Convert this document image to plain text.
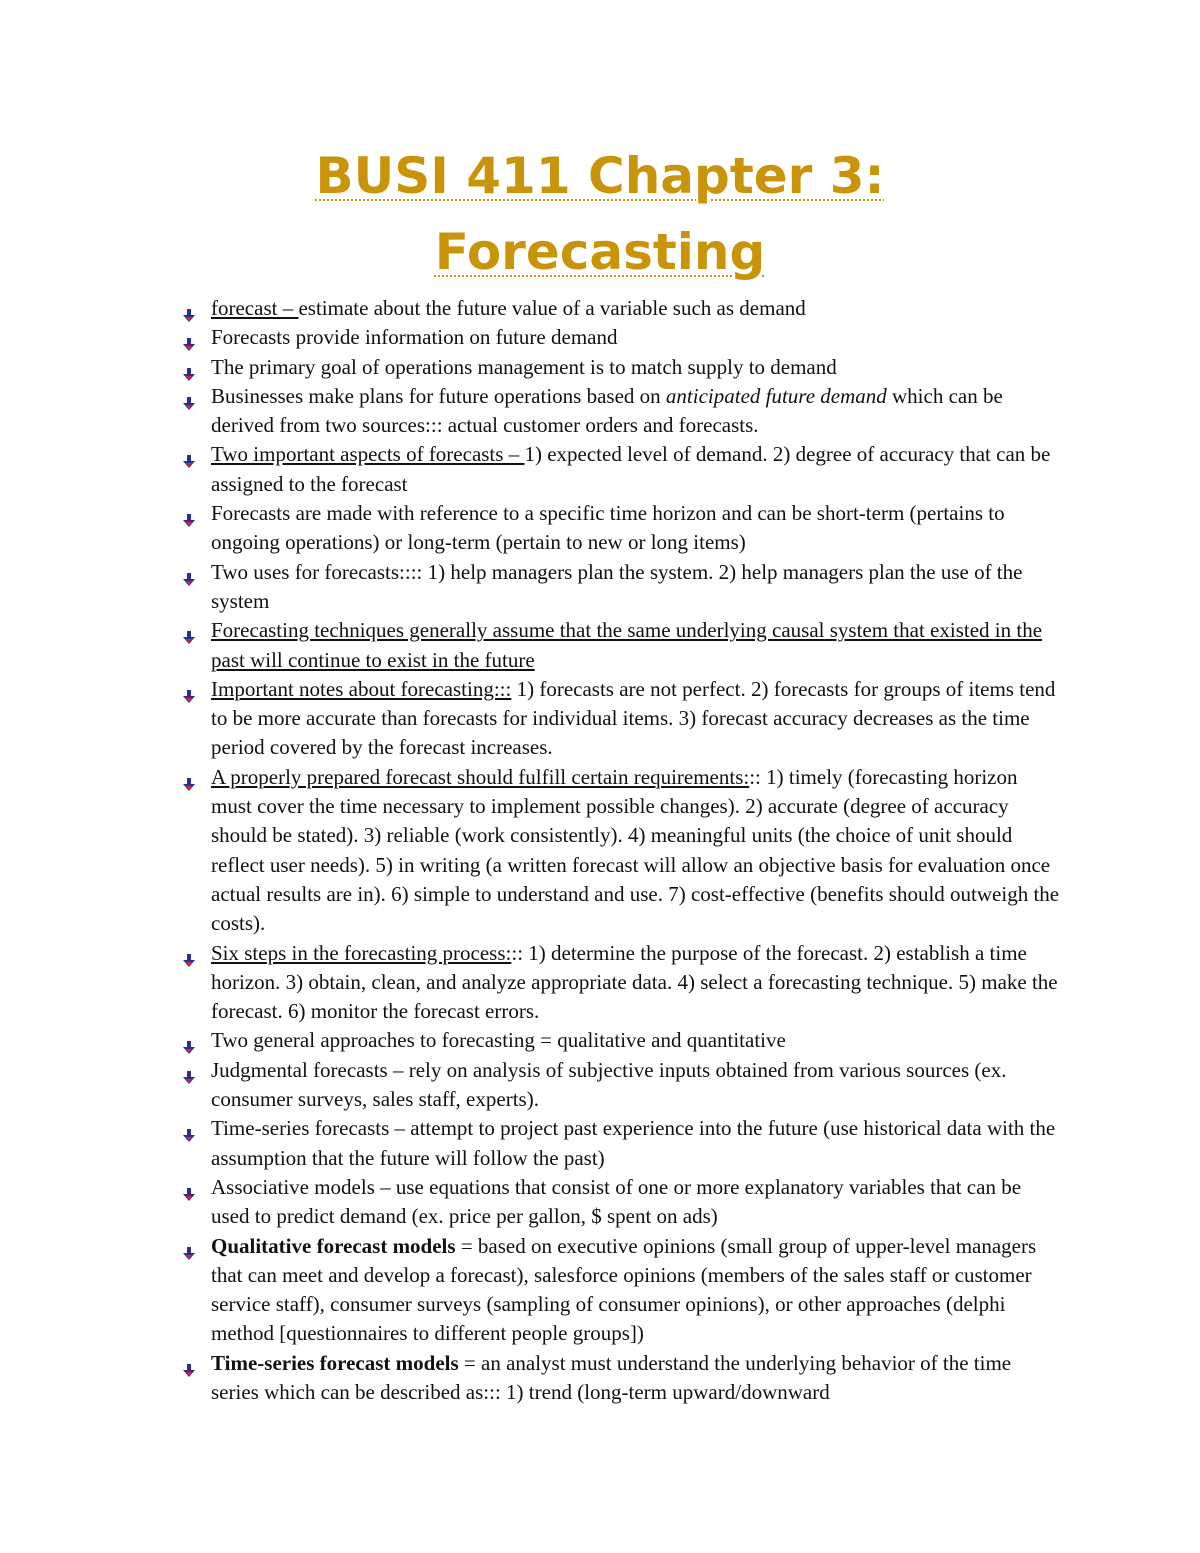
BUSI 411 Chapter 3:
Forecasting
forecast – estimate about the future value of a variable such as demand
Forecasts provide information on future demand
The primary goal of operations management is to match supply to demand
Businesses make plans for future operations based on anticipated future demand which can be derived from two sources::: actual customer orders and forecasts.
Two important aspects of forecasts – 1) expected level of demand. 2) degree of accuracy that can be assigned to the forecast
Forecasts are made with reference to a specific time horizon and can be short-term (pertains to ongoing operations) or long-term (pertain to new or long items)
Two uses for forecasts:::: 1) help managers plan the system. 2) help managers plan the use of the system
Forecasting techniques generally assume that the same underlying causal system that existed in the past will continue to exist in the future
Important notes about forecasting::: 1) forecasts are not perfect. 2) forecasts for groups of items tend to be more accurate than forecasts for individual items. 3) forecast accuracy decreases as the time period covered by the forecast increases.
A properly prepared forecast should fulfill certain requirements::: 1) timely (forecasting horizon must cover the time necessary to implement possible changes). 2) accurate (degree of accuracy should be stated). 3) reliable (work consistently). 4) meaningful units (the choice of unit should reflect user needs). 5) in writing (a written forecast will allow an objective basis for evaluation once actual results are in). 6) simple to understand and use. 7) cost-effective (benefits should outweigh the costs).
Six steps in the forecasting process::: 1) determine the purpose of the forecast. 2) establish a time horizon. 3) obtain, clean, and analyze appropriate data. 4) select a forecasting technique. 5) make the forecast. 6) monitor the forecast errors.
Two general approaches to forecasting = qualitative and quantitative
Judgmental forecasts – rely on analysis of subjective inputs obtained from various sources (ex. consumer surveys, sales staff, experts).
Time-series forecasts – attempt to project past experience into the future (use historical data with the assumption that the future will follow the past)
Associative models – use equations that consist of one or more explanatory variables that can be used to predict demand (ex. price per gallon, $ spent on ads)
Qualitative forecast models = based on executive opinions (small group of upper-level managers that can meet and develop a forecast), salesforce opinions (members of the sales staff or customer service staff), consumer surveys (sampling of consumer opinions), or other approaches (delphi method [questionnaires to different people groups])
Time-series forecast models = an analyst must understand the underlying behavior of the time series which can be described as::: 1) trend (long-term upward/downward
